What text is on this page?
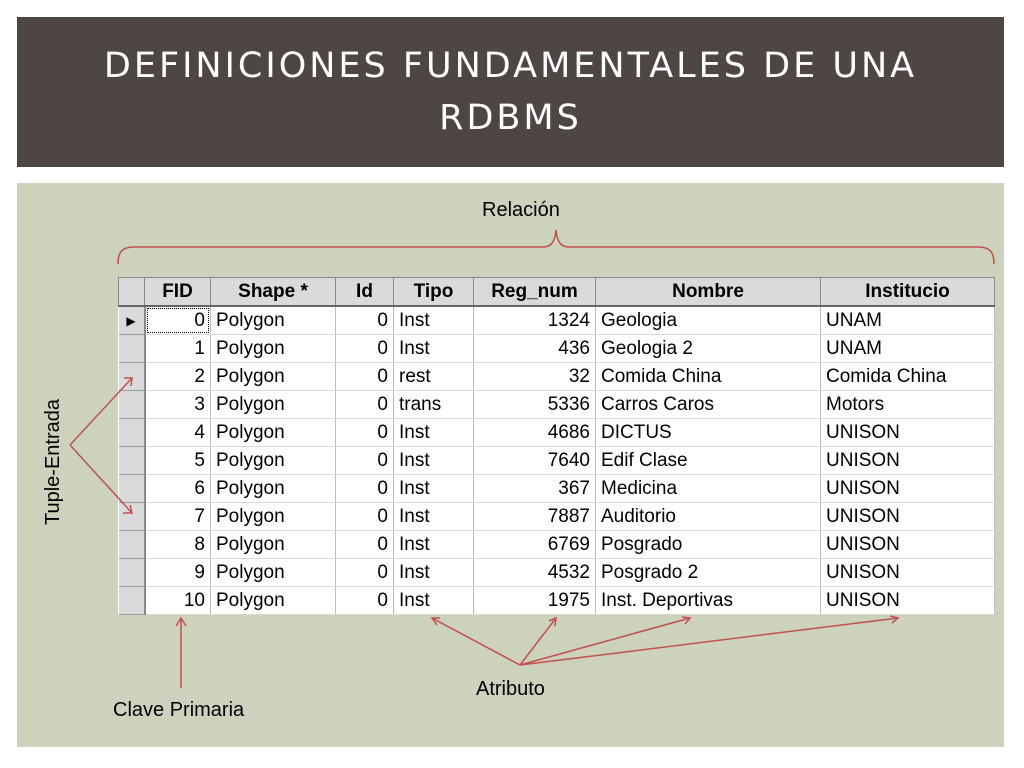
DEFINICIONES FUNDAMENTALES DE UNA RDBMS
Relación
Tuple-Entrada
Clave Primaria
Atributo
	FID	Shape *	Id	Tipo	Reg_num	Nombre	Institucio
▶	0	Polygon	0	Inst	1324	Geologia	UNAM
	1	Polygon	0	Inst	436	Geologia 2	UNAM
	2	Polygon	0	rest	32	Comida China	Comida China
	3	Polygon	0	trans	5336	Carros Caros	Motors
	4	Polygon	0	Inst	4686	DICTUS	UNISON
	5	Polygon	0	Inst	7640	Edif Clase	UNISON
	6	Polygon	0	Inst	367	Medicina	UNISON
	7	Polygon	0	Inst	7887	Auditorio	UNISON
	8	Polygon	0	Inst	6769	Posgrado	UNISON
	9	Polygon	0	Inst	4532	Posgrado 2	UNISON
	10	Polygon	0	Inst	1975	Inst. Deportivas	UNISON
